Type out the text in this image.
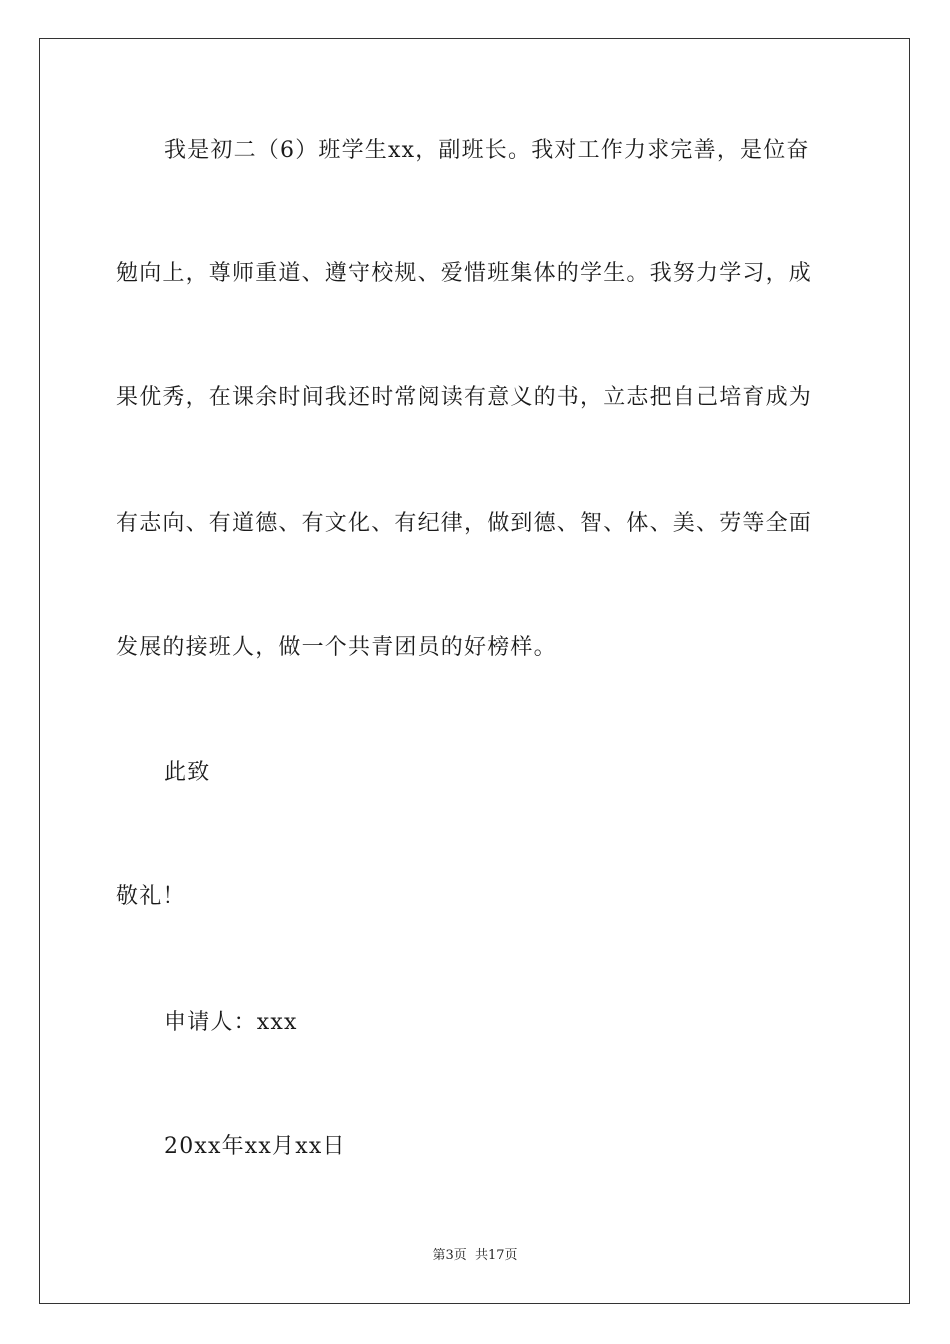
我是初二（6）班学生xx，副班长。我对工作力求完善，是位奋
勉向上，尊师重道、遵守校规、爱惜班集体的学生。我努力学习，成
果优秀，在课余时间我还时常阅读有意义的书，立志把自己培育成为
有志向、有道德、有文化、有纪律，做到德、智、体、美、劳等全面
发展的接班人，做一个共青团员的好榜样。
此致
敬礼！
申请人：xxx
20xx年xx月xx日
第3页 共17页
